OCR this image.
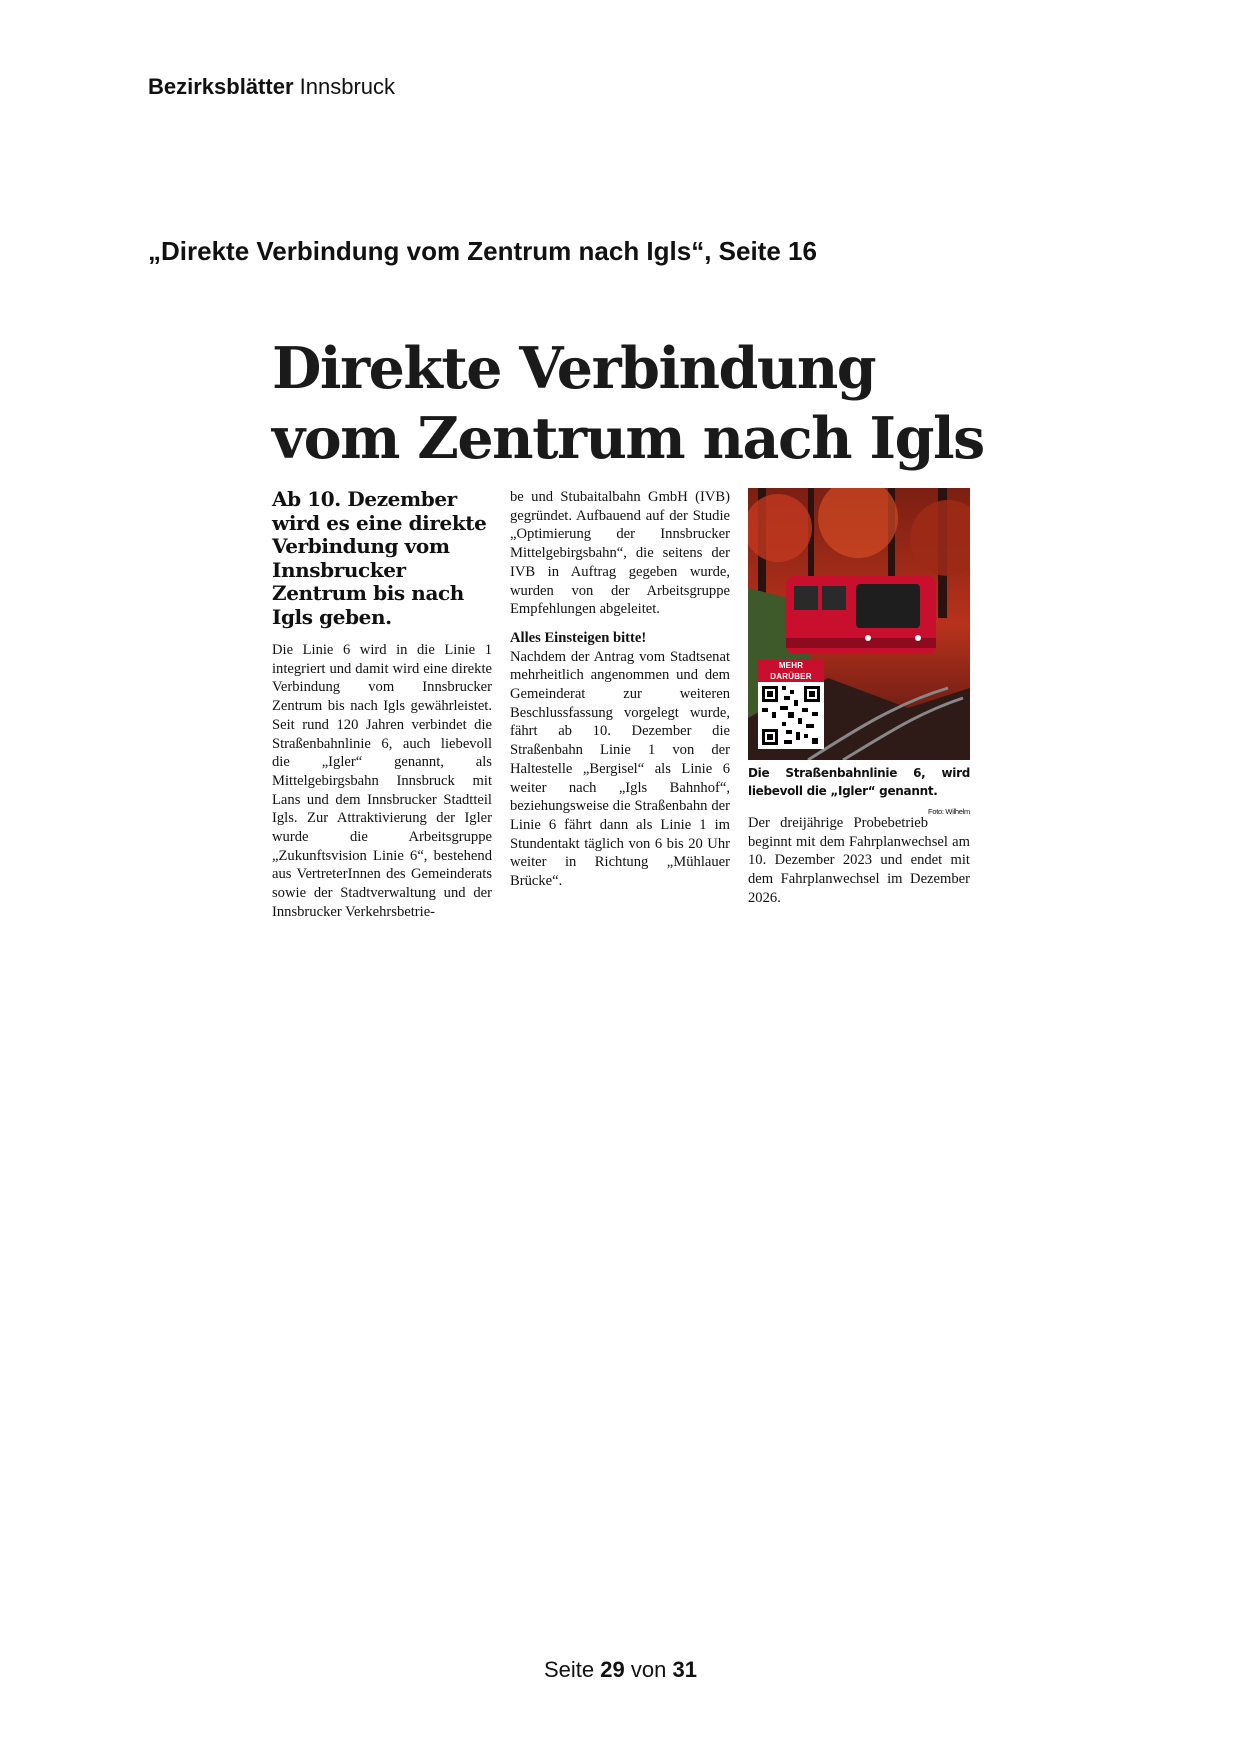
Bezirksblätter Innsbruck
„Direkte Verbindung vom Zentrum nach Igls“, Seite 16
Direkte Verbindung
vom Zentrum nach Igls

Ab 10. Dezember wird es eine direkte Verbindung vom Innsbrucker Zentrum bis nach Igls geben.

Die Linie 6 wird in die Linie 1 integriert und damit wird eine direkte Verbindung vom Innsbrucker Zentrum bis nach Igls gewährleistet. Seit rund 120 Jahren verbindet die Straßenbahnlinie 6, auch liebevoll die „Igler“ genannt, als Mittelgebirgsbahn Innsbruck mit Lans und dem Innsbrucker Stadtteil Igls. Zur Attraktivierung der Igler wurde die Arbeitsgruppe „Zukunftsvision Linie 6“, bestehend aus VertreterInnen des Gemeinderats sowie der Stadtverwaltung und der Innsbrucker Verkehrsbetrie-
be und Stubaitalbahn GmbH (IVB) gegründet. Aufbauend auf der Studie „Optimierung der Innsbrucker Mittelgebirgsbahn“, die seitens der IVB in Auftrag gegeben wurde, wurden von der Arbeitsgruppe Empfehlungen abgeleitet.
Alles Einsteigen bitte!
Nachdem der Antrag vom Stadtsenat mehrheitlich angenommen und dem Gemeinderat zur weiteren Beschlussfassung vorgelegt wurde, fährt ab 10. Dezember die Straßenbahn Linie 1 von der Haltestelle „Bergisel“ als Linie 6 weiter nach „Igls Bahnhof“, beziehungsweise die Straßenbahn der Linie 6 fährt dann als Linie 1 im Stundentakt täglich von 6 bis 20 Uhr weiter in Richtung „Mühlauer Brücke“.
MEHR DARÜBER
Die Straßenbahnlinie 6, wird liebevoll die „Igler“ genannt.
Foto: Wilhelm
Der dreijährige Probebetrieb beginnt mit dem Fahrplanwechsel am 10. Dezember 2023 und endet mit dem Fahrplanwechsel im Dezember 2026.
Seite 29 von 31
